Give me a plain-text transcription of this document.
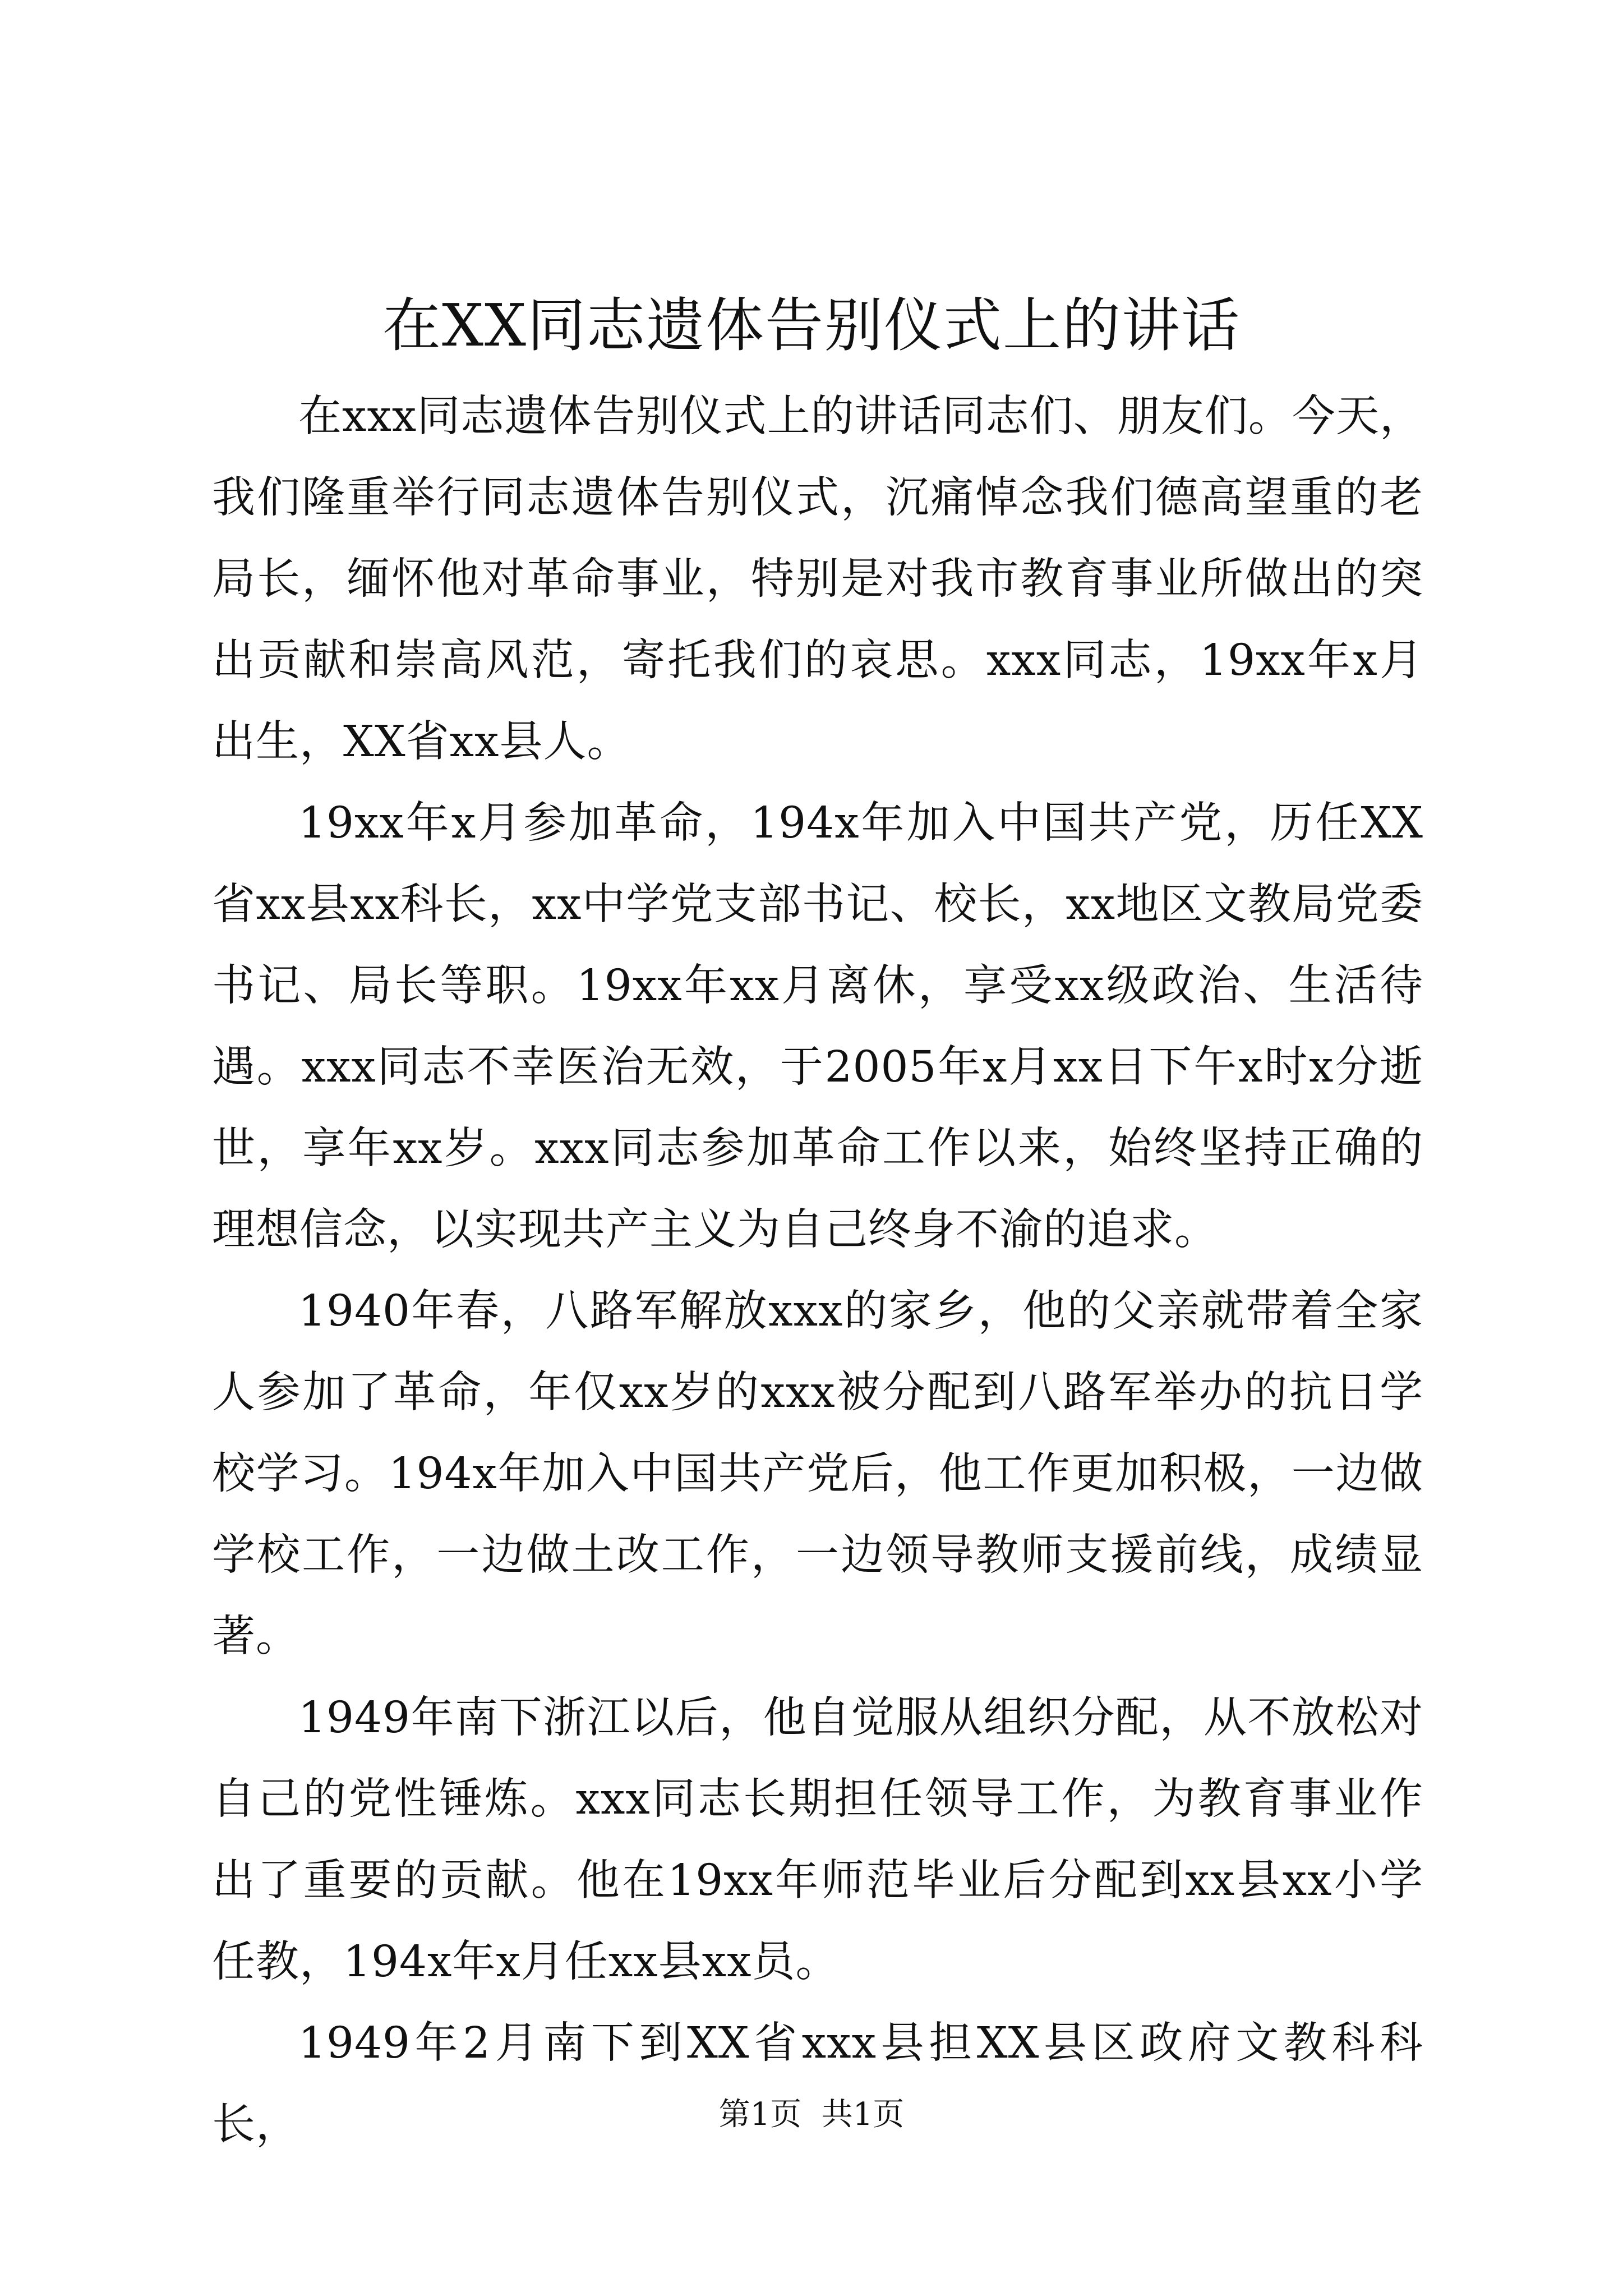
在XX同志遗体告别仪式上的讲话

在xxx同志遗体告别仪式上的讲话同志们、朋友们。今天，我们隆重举行同志遗体告别仪式，沉痛悼念我们德高望重的老局长，缅怀他对革命事业，特别是对我市教育事业所做出的突出贡献和崇高风范，寄托我们的哀思。xxx同志，19xx年x月出生，XX省xx县人。

19xx年x月参加革命，194x年加入中国共产党，历任XX省xx县xx科长，xx中学党支部书记、校长，xx地区文教局党委书记、局长等职。19xx年xx月离休，享受xx级政治、生活待遇。xxx同志不幸医治无效，于2005年x月xx日下午x时x分逝世，享年xx岁。xxx同志参加革命工作以来，始终坚持正确的理想信念，以实现共产主义为自己终身不渝的追求。

1940年春，八路军解放xxx的家乡，他的父亲就带着全家人参加了革命，年仅xx岁的xxx被分配到八路军举办的抗日学校学习。194x年加入中国共产党后，他工作更加积极，一边做学校工作，一边做土改工作，一边领导教师支援前线，成绩显著。

1949年南下浙江以后，他自觉服从组织分配，从不放松对自己的党性锤炼。xxx同志长期担任领导工作，为教育事业作出了重要的贡献。他在19xx年师范毕业后分配到xx县xx小学任教，194x年x月任xx县xx员。

1949年2月南下到XX省xxx县担XX县区政府文教科科长，	第1页  共1页
